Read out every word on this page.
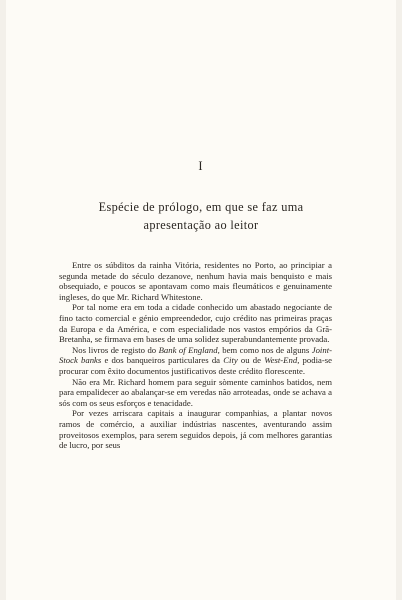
I
Espécie de prólogo, em que se faz uma
apresentação ao leitor

Entre os súbditos da rainha Vitória, residentes no Porto, ao principiar a segunda metade do século dezanove, nenhum havia mais benquisto e mais obsequiado, e poucos se apontavam como mais fleumáticos e genuinamente ingleses, do que Mr. Richard Whitestone.

Por tal nome era em toda a cidade conhecido um abastado negociante de fino tacto comercial e génio empreendedor, cujo crédito nas primeiras praças da Europa e da América, e com especialidade nos vastos empórios da Grã-Bretanha, se firmava em bases de uma solidez superabundantemente provada.

Nos livros de registo do Bank of England, bem como nos de alguns Joint-Stock banks e dos banqueiros particulares da City ou de West-End, podia-se procurar com êxito documentos justificativos deste crédito florescente.

Não era Mr. Richard homem para seguir sòmente caminhos batidos, nem para empalidecer ao abalançar-se em veredas não arroteadas, onde se achava a sós com os seus esforços e tenacidade.

Por vezes arriscara capitais a inaugurar companhias, a plantar novos ramos de comércio, a auxiliar indústrias nascentes, aventurando assim proveitosos exemplos, para serem seguidos depois, já com melhores garantias de lucro, por seus
